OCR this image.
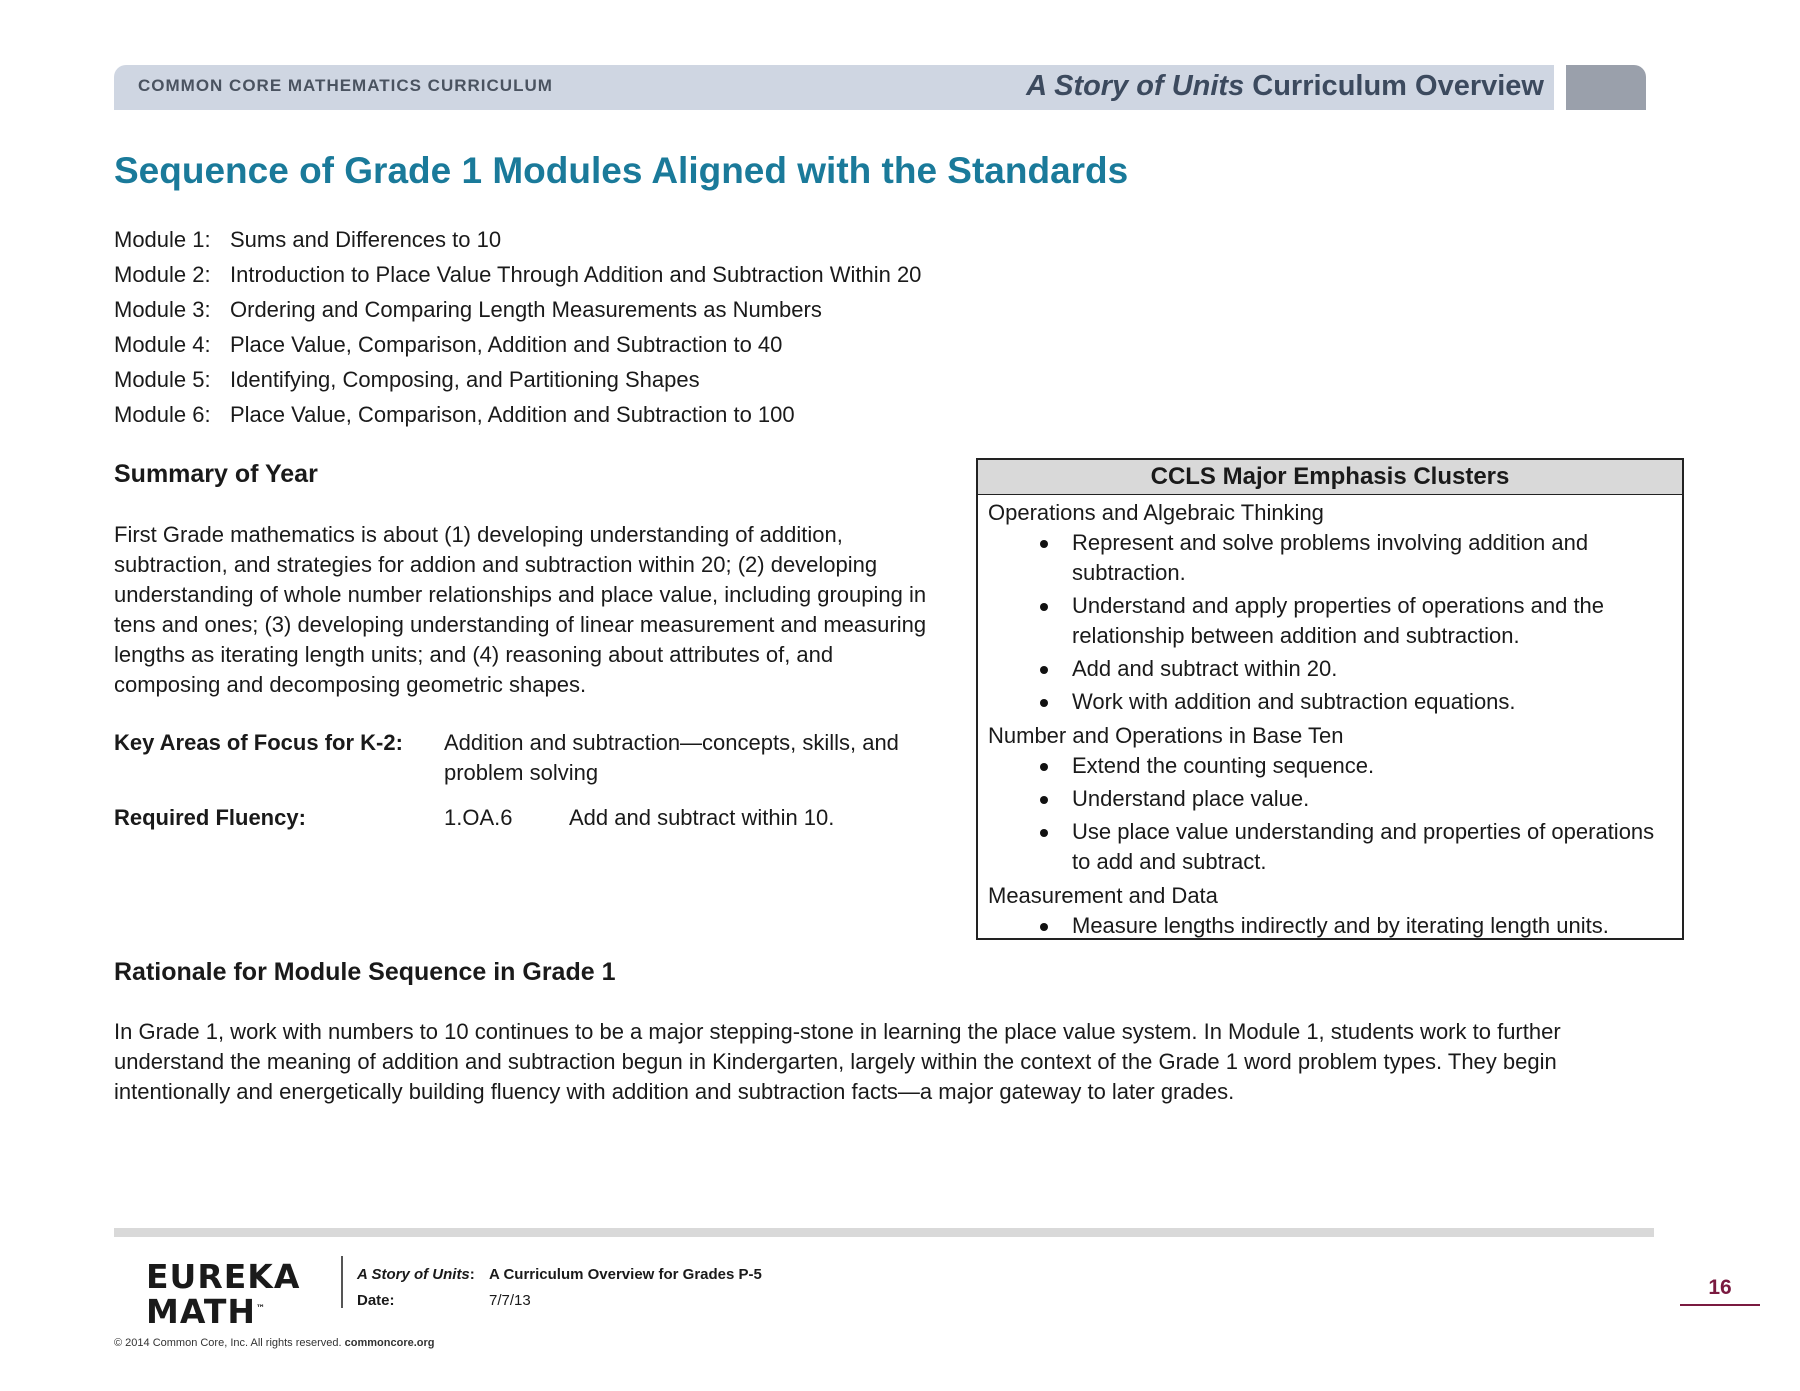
COMMON CORE MATHEMATICS CURRICULUM	A Story of Units Curriculum Overview
Sequence of Grade 1 Modules Aligned with the Standards
Module 1: Sums and Differences to 10
Module 2: Introduction to Place Value Through Addition and Subtraction Within 20
Module 3: Ordering and Comparing Length Measurements as Numbers
Module 4: Place Value, Comparison, Addition and Subtraction to 40
Module 5: Identifying, Composing, and Partitioning Shapes
Module 6: Place Value, Comparison, Addition and Subtraction to 100
Summary of Year

First Grade mathematics is about (1) developing understanding of addition, subtraction, and strategies for addion and subtraction within 20; (2) developing understanding of whole number relationships and place value, including grouping in tens and ones; (3) developing understanding of linear measurement and measuring lengths as iterating length units; and (4) reasoning about attributes of, and composing and decomposing geometric shapes.

Key Areas of Focus for K-2: Addition and subtraction—concepts, skills, and problem solving
Required Fluency:	1.OA.6	Add and subtract within 10.
CCLS Major Emphasis Clusters
Operations and Algebraic Thinking
Represent and solve problems involving addition and subtraction.
Understand and apply properties of operations and the relationship between addition and subtraction.
Add and subtract within 20.
Work with addition and subtraction equations.
Number and Operations in Base Ten
Extend the counting sequence.
Understand place value.
Use place value understanding and properties of operations to add and subtract.
Measurement and Data
Measure lengths indirectly and by iterating length units.
Rationale for Module Sequence in Grade 1

In Grade 1, work with numbers to 10 continues to be a major stepping-stone in learning the place value system. In Module 1, students work to further understand the meaning of addition and subtraction begun in Kindergarten, largely within the context of the Grade 1 word problem types. They begin intentionally and energetically building fluency with addition and subtraction facts—a major gateway to later grades.

EUREKA
MATH™
A Story of Units: A Curriculum Overview for Grades P-5
Date:	7/7/13
16
© 2014 Common Core, Inc. All rights reserved. commoncore.org
